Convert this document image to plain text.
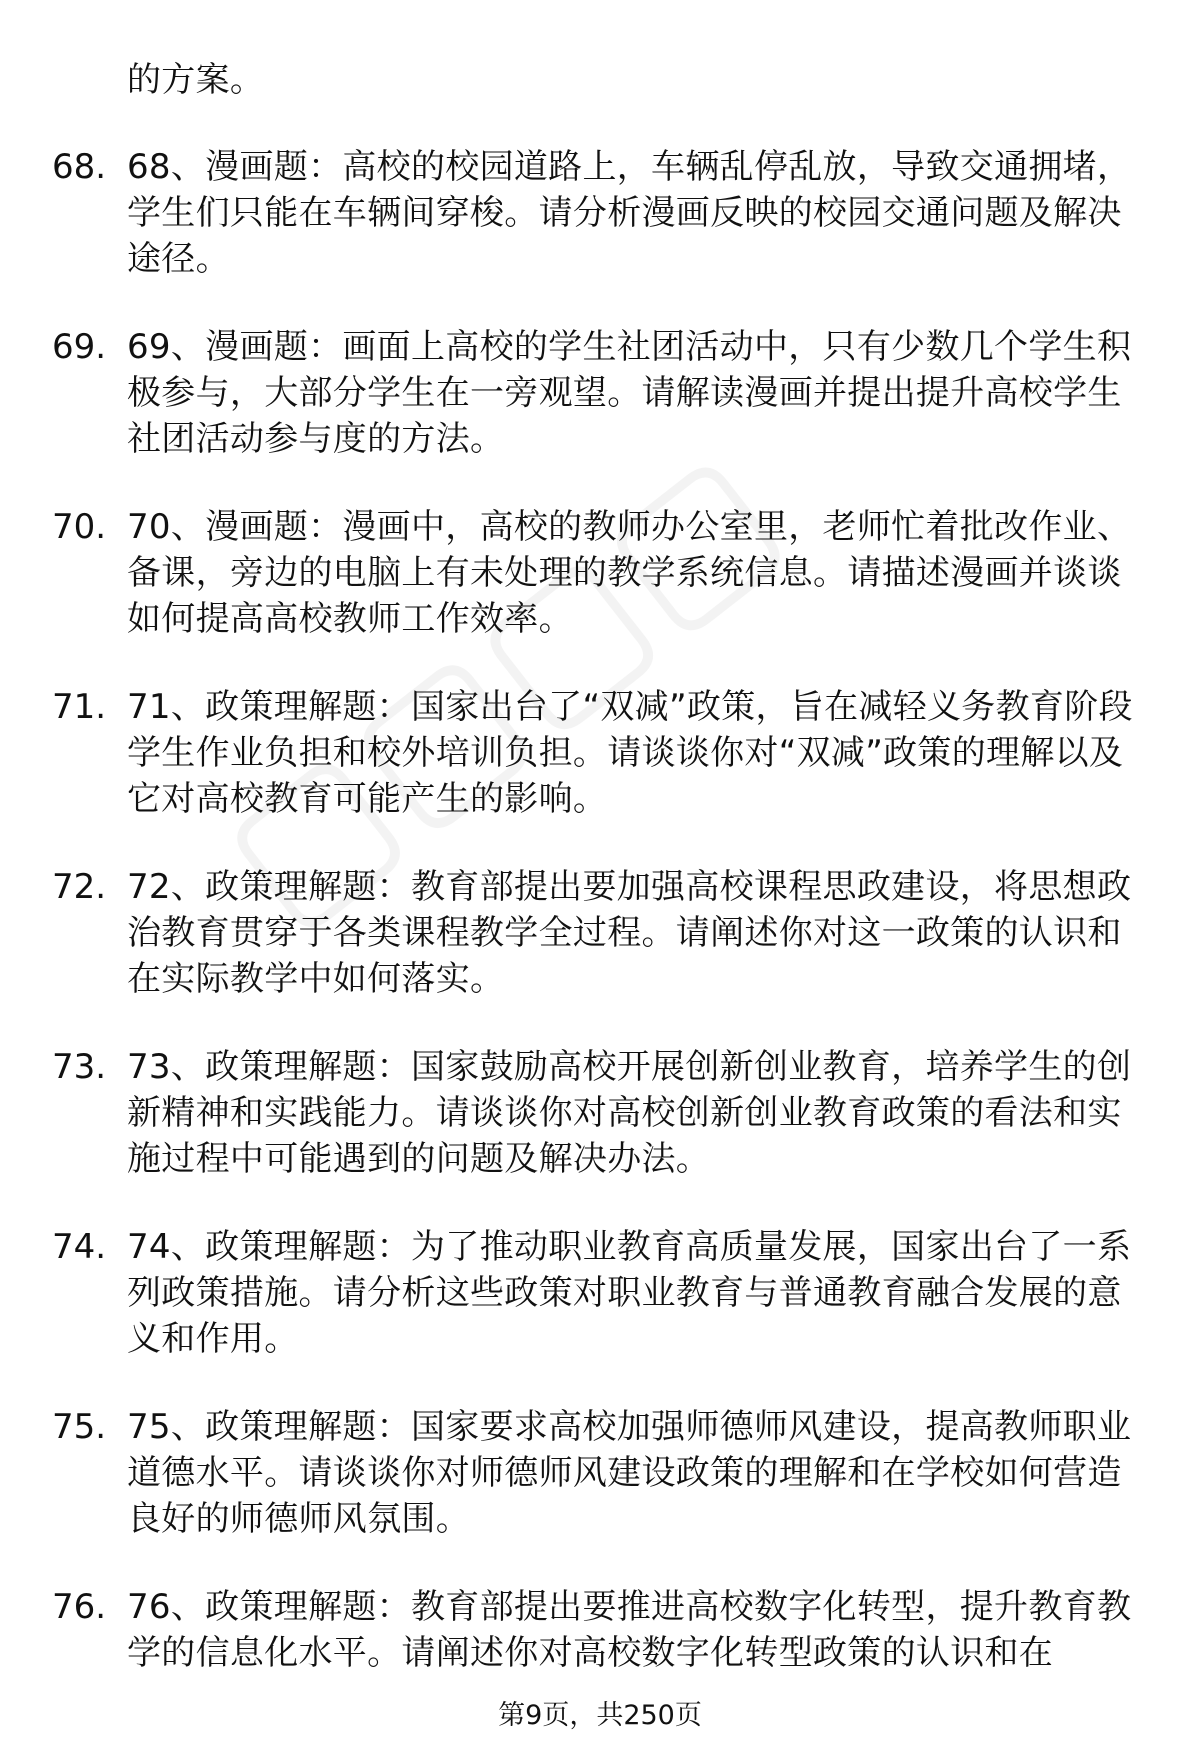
的方案。
68. 68、漫画题：高校的校园道路上，车辆乱停乱放，导致交通拥堵，学生们只能在车辆间穿梭。请分析漫画反映的校园交通问题及解决途径。
69. 69、漫画题：画面上高校的学生社团活动中，只有少数几个学生积极参与，大部分学生在一旁观望。请解读漫画并提出提升高校学生社团活动参与度的方法。
70. 70、漫画题：漫画中，高校的教师办公室里，老师忙着批改作业、备课，旁边的电脑上有未处理的教学系统信息。请描述漫画并谈谈如何提高高校教师工作效率。
71. 71、政策理解题：国家出台了“双减”政策，旨在减轻义务教育阶段学生作业负担和校外培训负担。请谈谈你对“双减”政策的理解以及它对高校教育可能产生的影响。
72. 72、政策理解题：教育部提出要加强高校课程思政建设，将思想政治教育贯穿于各类课程教学全过程。请阐述你对这一政策的认识和在实际教学中如何落实。
73. 73、政策理解题：国家鼓励高校开展创新创业教育，培养学生的创新精神和实践能力。请谈谈你对高校创新创业教育政策的看法和实施过程中可能遇到的问题及解决办法。
74. 74、政策理解题：为了推动职业教育高质量发展，国家出台了一系列政策措施。请分析这些政策对职业教育与普通教育融合发展的意义和作用。
75. 75、政策理解题：国家要求高校加强师德师风建设，提高教师职业道德水平。请谈谈你对师德师风建设政策的理解和在学校如何营造良好的师德师风氛围。
76. 76、政策理解题：教育部提出要推进高校数字化转型，提升教育教学的信息化水平。请阐述你对高校数字化转型政策的认识和在
第9页，共250页
